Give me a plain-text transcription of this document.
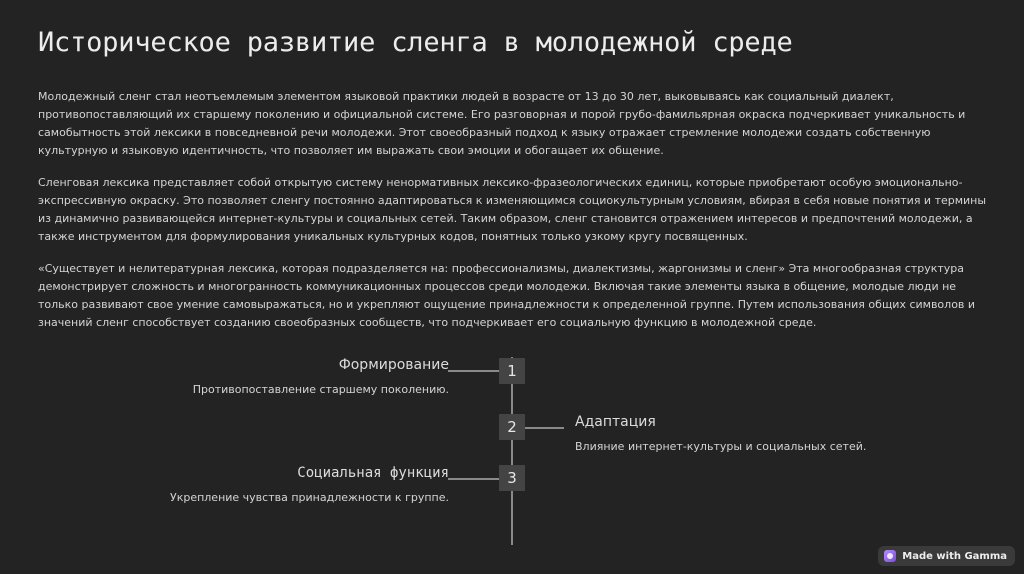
Историческое развитие сленга в молодежной среде

Молодежный сленг стал неотъемлемым элементом языковой практики людей в возрасте от 13 до 30 лет, выковываясь как социальный диалект, противопоставляющий их старшему поколению и официальной системе. Его разговорная и порой грубо-фамильярная окраска подчеркивает уникальность и самобытность этой лексики в повседневной речи молодежи. Этот своеобразный подход к языку отражает стремление молодежи создать собственную культурную и языковую идентичность, что позволяет им выражать свои эмоции и обогащает их общение.

Сленговая лексика представляет собой открытую систему ненормативных лексико-фразеологических единиц, которые приобретают особую эмоционально-экспрессивную окраску. Это позволяет сленгу постоянно адаптироваться к изменяющимся социокультурным условиям, вбирая в себя новые понятия и термины из динамично развивающейся интернет-культуры и социальных сетей. Таким образом, сленг становится отражением интересов и предпочтений молодежи, а также инструментом для формулирования уникальных культурных кодов, понятных только узкому кругу посвященных.

«Существует и нелитературная лексика, которая подразделяется на: профессионализмы, диалектизмы, жаргонизмы и сленг» Эта многообразная структура демонстрирует сложность и многогранность коммуникационных процессов среди молодежи. Включая такие элементы языка в общение, молодые люди не только развивают свое умение самовыражаться, но и укрепляют ощущение принадлежности к определенной группе. Путем использования общих символов и значений сленг способствует созданию своеобразных сообществ, что подчеркивает его социальную функцию в молодежной среде.

1
2
3
Формирование
Противопоставление старшему поколению.
Адаптация
Влияние интернет-культуры и социальных сетей.
Социальная функция
Укрепление чувства принадлежности к группе.
Made with Gamma
